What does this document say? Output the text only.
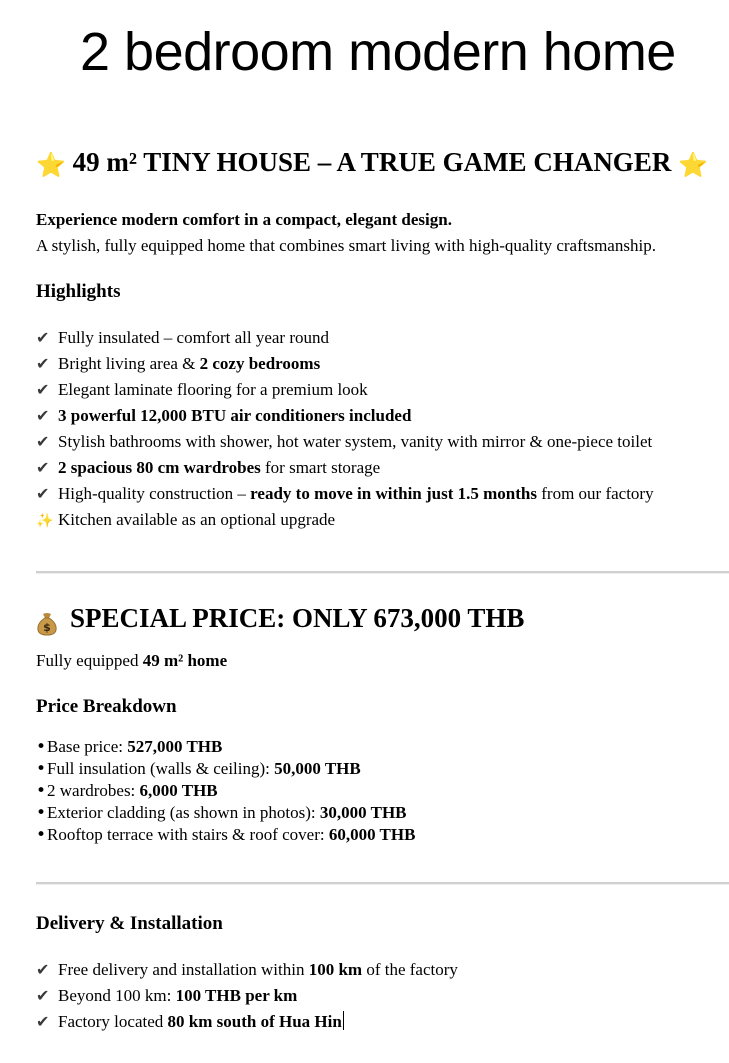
2 bedroom modern home
⭐ 49 m² TINY HOUSE – A TRUE GAME CHANGER ⭐

Experience modern comfort in a compact, elegant design.

A stylish, fully equipped home that combines smart living with high-quality craftsmanship.

Highlights
✔ Fully insulated – comfort all year round
✔ Bright living area & 2 cozy bedrooms
✔ Elegant laminate flooring for a premium look
✔ 3 powerful 12,000 BTU air conditioners included
✔ Stylish bathrooms with shower, hot water system, vanity with mirror & one-piece toilet
✔ 2 spacious 80 cm wardrobes for smart storage
✔ High-quality construction – ready to move in within just 1.5 months from our factory
✨ Kitchen available as an optional upgrade
$ SPECIAL PRICE: ONLY 673,000 THB

Fully equipped 49 m² home

Price Breakdown
•Base price: 527,000 THB
•Full insulation (walls & ceiling): 50,000 THB
•2 wardrobes: 6,000 THB
•Exterior cladding (as shown in photos): 30,000 THB
•Rooftop terrace with stairs & roof cover: 60,000 THB
Delivery & Installation
✔ Free delivery and installation within 100 km of the factory
✔ Beyond 100 km: 100 THB per km
✔ Factory located 80 km south of Hua Hin
